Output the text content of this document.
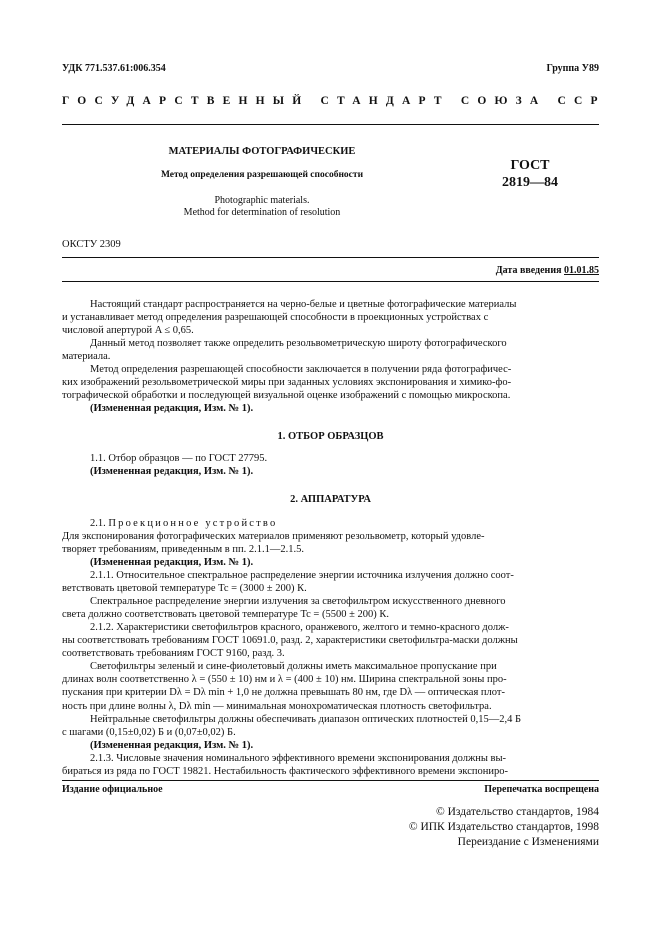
УДК 771.537.61:006.354	Группа У89
ГОСУДАРСТВЕННЫЙ СТАНДАРТ СОЮЗА ССР
МАТЕРИАЛЫ ФОТОГРАФИЧЕСКИЕ
Метод определения разрешающей способности
Photographic materials.
Method for determination of resolution
ГОСТ
2819—84
ОКСТУ 2309
Дата введения 01.01.85
Настоящий стандарт распространяется на черно-белые и цветные фотографические материалы
и устанавливает метод определения разрешающей способности в проекционных устройствах с
числовой апертурой A ≤ 0,65.
Данный метод позволяет также определить резольвометрическую широту фотографического
материала.
Метод определения разрешающей способности заключается в получении ряда фотографичес-
ких изображений резольвометрической миры при заданных условиях экспонирования и химико-фо-
тографической обработки и последующей визуальной оценке изображений с помощью микроскопа.
(Измененная редакция, Изм. № 1).
1. ОТБОР ОБРАЗЦОВ
1.1. Отбор образцов — по ГОСТ 27795.
(Измененная редакция, Изм. № 1).
2. АППАРАТУРА
2.1. Проекционное устройство
Для экспонирования фотографических материалов применяют резольвометр, который удовле-
творяет требованиям, приведенным в пп. 2.1.1—2.1.5.
(Измененная редакция, Изм. № 1).
2.1.1. Относительное спектральное распределение энергии источника излучения должно соот-
ветствовать цветовой температуре Tc = (3000 ± 200) К.
Спектральное распределение энергии излучения за светофильтром искусственного дневного
света должно соответствовать цветовой температуре Tc = (5500 ± 200) К.
2.1.2. Характеристики светофильтров красного, оранжевого, желтого и темно-красного долж-
ны соответствовать требованиям ГОСТ 10691.0, разд. 2, характеристики светофильтра-маски должны
соответствовать требованиям ГОСТ 9160, разд. 3.
Светофильтры зеленый и сине-фиолетовый должны иметь максимальное пропускание при
длинах волн соответственно λ = (550 ± 10) нм и λ = (400 ± 10) нм. Ширина спектральной зоны про-
пускания при критерии Dλ = Dλ min + 1,0 не должна превышать 80 нм, где Dλ — оптическая плот-
ность при длине волны λ, Dλ min — минимальная монохроматическая плотность светофильтра.
Нейтральные светофильтры должны обеспечивать диапазон оптических плотностей 0,15—2,4 Б
с шагами (0,15±0,02) Б и (0,07±0,02) Б.
(Измененная редакция, Изм. № 1).
2.1.3. Числовые значения номинального эффективного времени экспонирования должны вы-
бираться из ряда по ГОСТ 19821. Нестабильность фактического эффективного времени экспониро-
Издание официальное	Перепечатка воспрещена
© Издательство стандартов, 1984
© ИПК Издательство стандартов, 1998
Переиздание с Изменениями
